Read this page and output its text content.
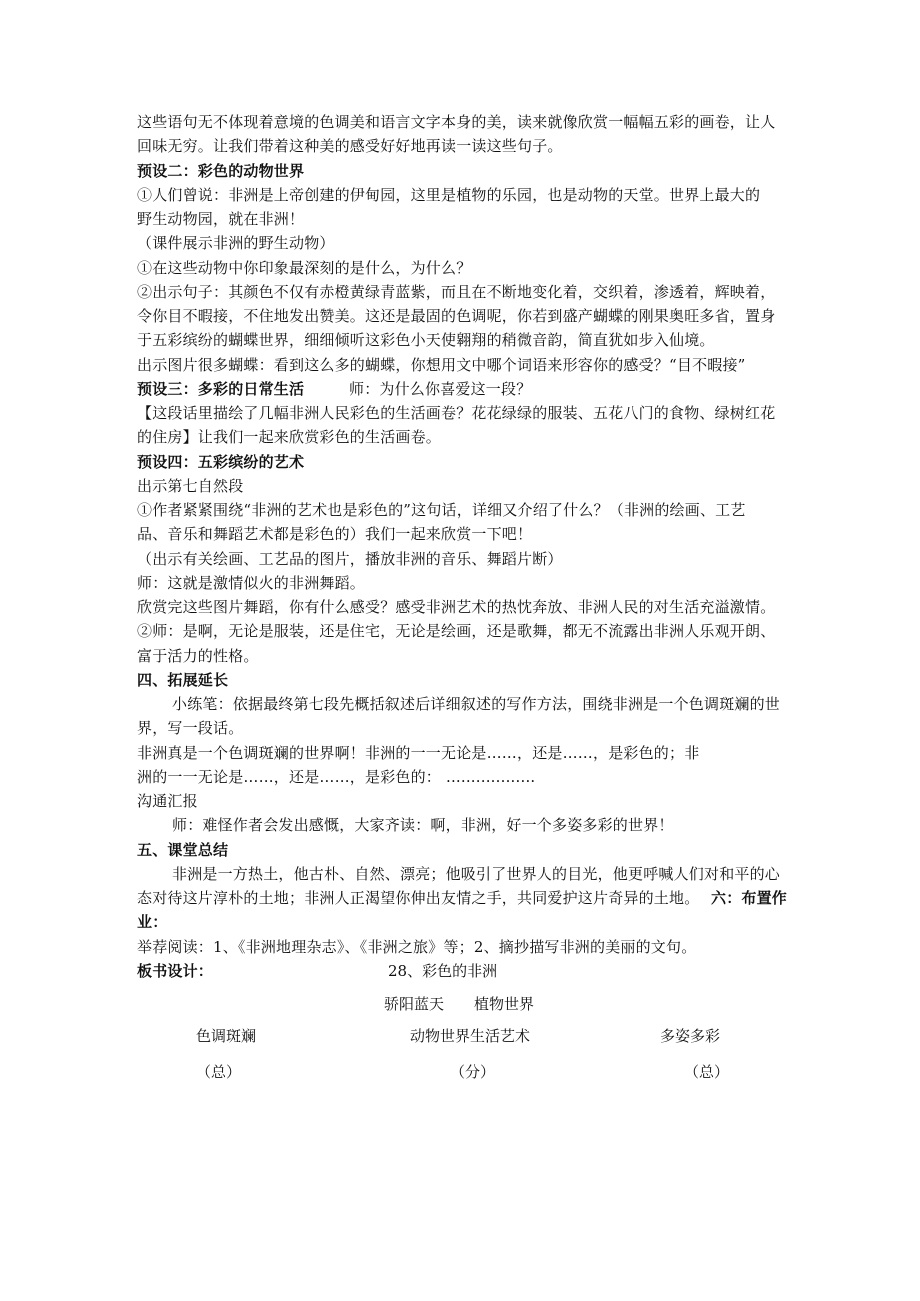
这些语句无不体现着意境的色调美和语言文字本身的美，读来就像欣赏一幅幅五彩的画卷，让人
回味无穷。让我们带着这种美的感受好好地再读一读这些句子。
预设二：彩色的动物世界
①人们曾说：非洲是上帝创建的伊甸园，这里是植物的乐园，也是动物的天堂。世界上最大的
野生动物园，就在非洲！
（课件展示非洲的野生动物）
①在这些动物中你印象最深刻的是什么，为什么？
②出示句子：其颜色不仅有赤橙黄绿青蓝紫，而且在不断地变化着，交织着，渗透着，辉映着，
令你目不暇接，不住地发出赞美。这还是最固的色调呢，你若到盛产蝴蝶的刚果奥旺多省，置身
于五彩缤纷的蝴蝶世界，细细倾听这彩色小天使翱翔的稍微音韵，简直犹如步入仙境。
出示图片很多蝴蝶：看到这么多的蝴蝶，你想用文中哪个词语来形容你的感受？“目不暇接”
预设三：多彩的日常生活	师：为什么你喜爱这一段？
【这段话里描绘了几幅非洲人民彩色的生活画卷？花花绿绿的服装、五花八门的食物、绿树红花
的住房】让我们一起来欣赏彩色的生活画卷。
预设四：五彩缤纷的艺术
出示第七自然段
①作者紧紧围绕“非洲的艺术也是彩色的”这句话，详细又介绍了什么？（非洲的绘画、工艺
品、音乐和舞蹈艺术都是彩色的）我们一起来欣赏一下吧！
（出示有关绘画、工艺品的图片，播放非洲的音乐、舞蹈片断）
师：这就是激情似火的非洲舞蹈。
欣赏完这些图片舞蹈，你有什么感受？感受非洲艺术的热忱奔放、非洲人民的对生活充溢激情。
②师：是啊，无论是服装，还是住宅，无论是绘画，还是歌舞，都无不流露出非洲人乐观开朗、
富于活力的性格。
四、拓展延长
小练笔：依据最终第七段先概括叙述后详细叙述的写作方法，围绕非洲是一个色调斑斓的世
界，写一段话。
非洲真是一个色调斑斓的世界啊！非洲的一一无论是……，还是……，是彩色的；非
洲的一一无论是……，还是……，是彩色的： ..................
沟通汇报
师：难怪作者会发出感慨，大家齐读：啊，非洲，好一个多姿多彩的世界！
五、课堂总结
非洲是一方热土，他古朴、自然、漂亮；他吸引了世界人的目光，他更呼喊人们对和平的心
态对待这片淳朴的土地；非洲人正渴望你伸出友情之手，共同爱护这片奇异的土地。 六：布置作
业：
举荐阅读：1、《非洲地理杂志》、《非洲之旅》等；2、摘抄描写非洲的美丽的文句。
板书设计：	28、彩色的非洲
骄阳蓝天　　植物世界
色调斑斓	动物世界生活艺术	多姿多彩
（总）	（分）	（总）
